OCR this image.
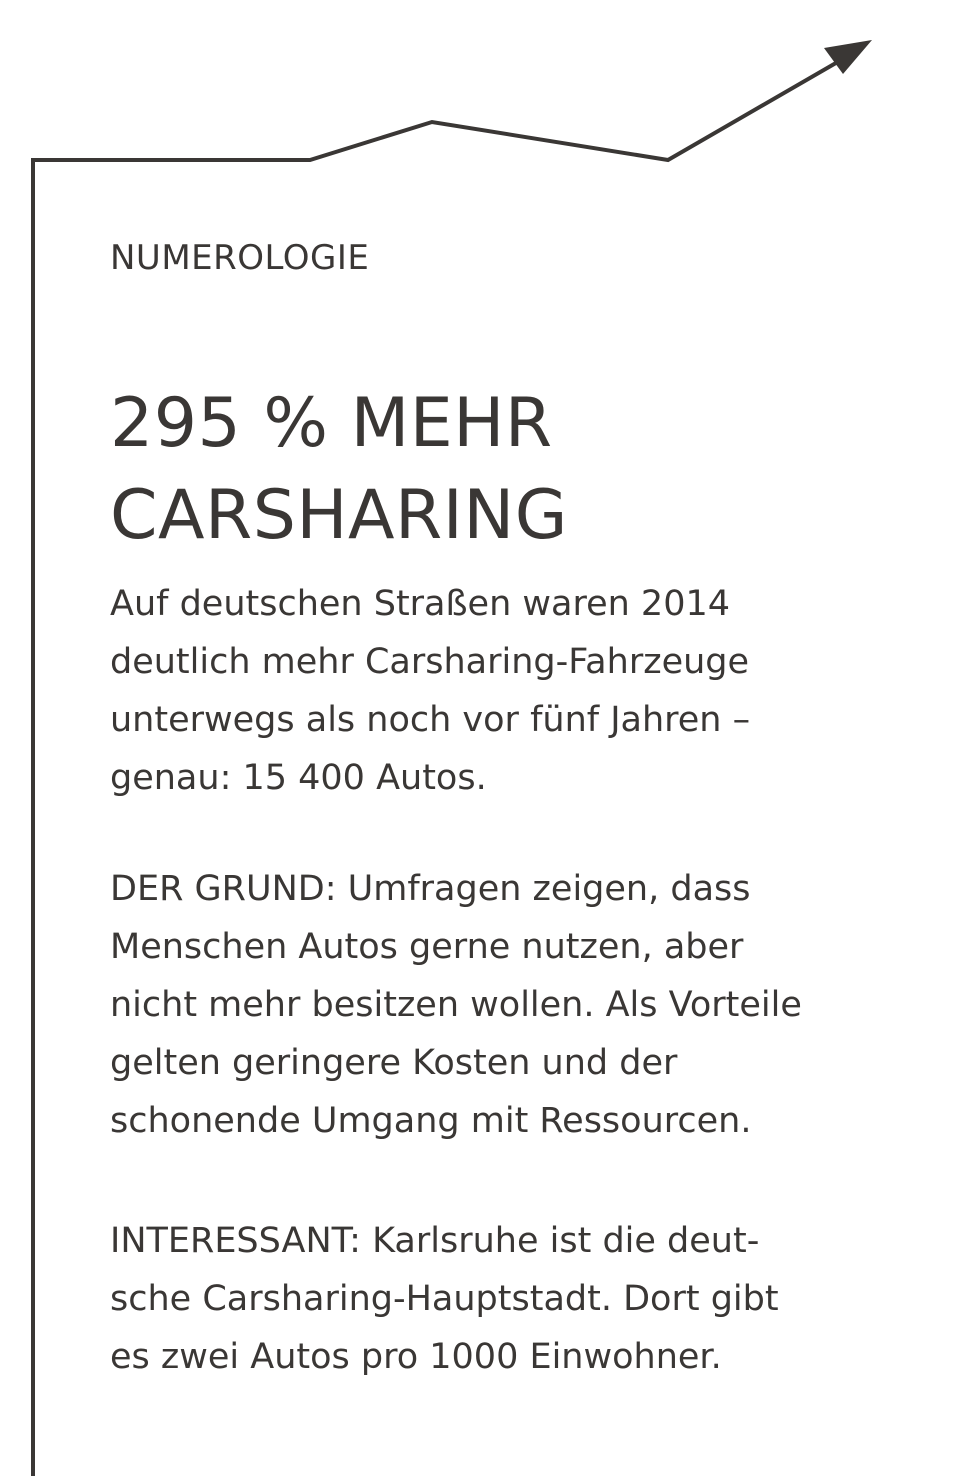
NUMEROLOGIE
295 % MEHR
CARSHARING

Auf deutschen Straßen waren 2014
deutlich mehr Carsharing-Fahrzeuge
unterwegs als noch vor fünf Jahren –
genau: 15 400 Autos.

DER GRUND: Umfragen zeigen, dass
Menschen Autos gerne nutzen, aber
nicht mehr besitzen wollen. Als Vorteile
gelten geringere Kosten und der
schonende Umgang mit Ressourcen.

INTERESSANT: Karlsruhe ist die deut-
sche Carsharing-Hauptstadt. Dort gibt
es zwei Autos pro 1000 Einwohner.
